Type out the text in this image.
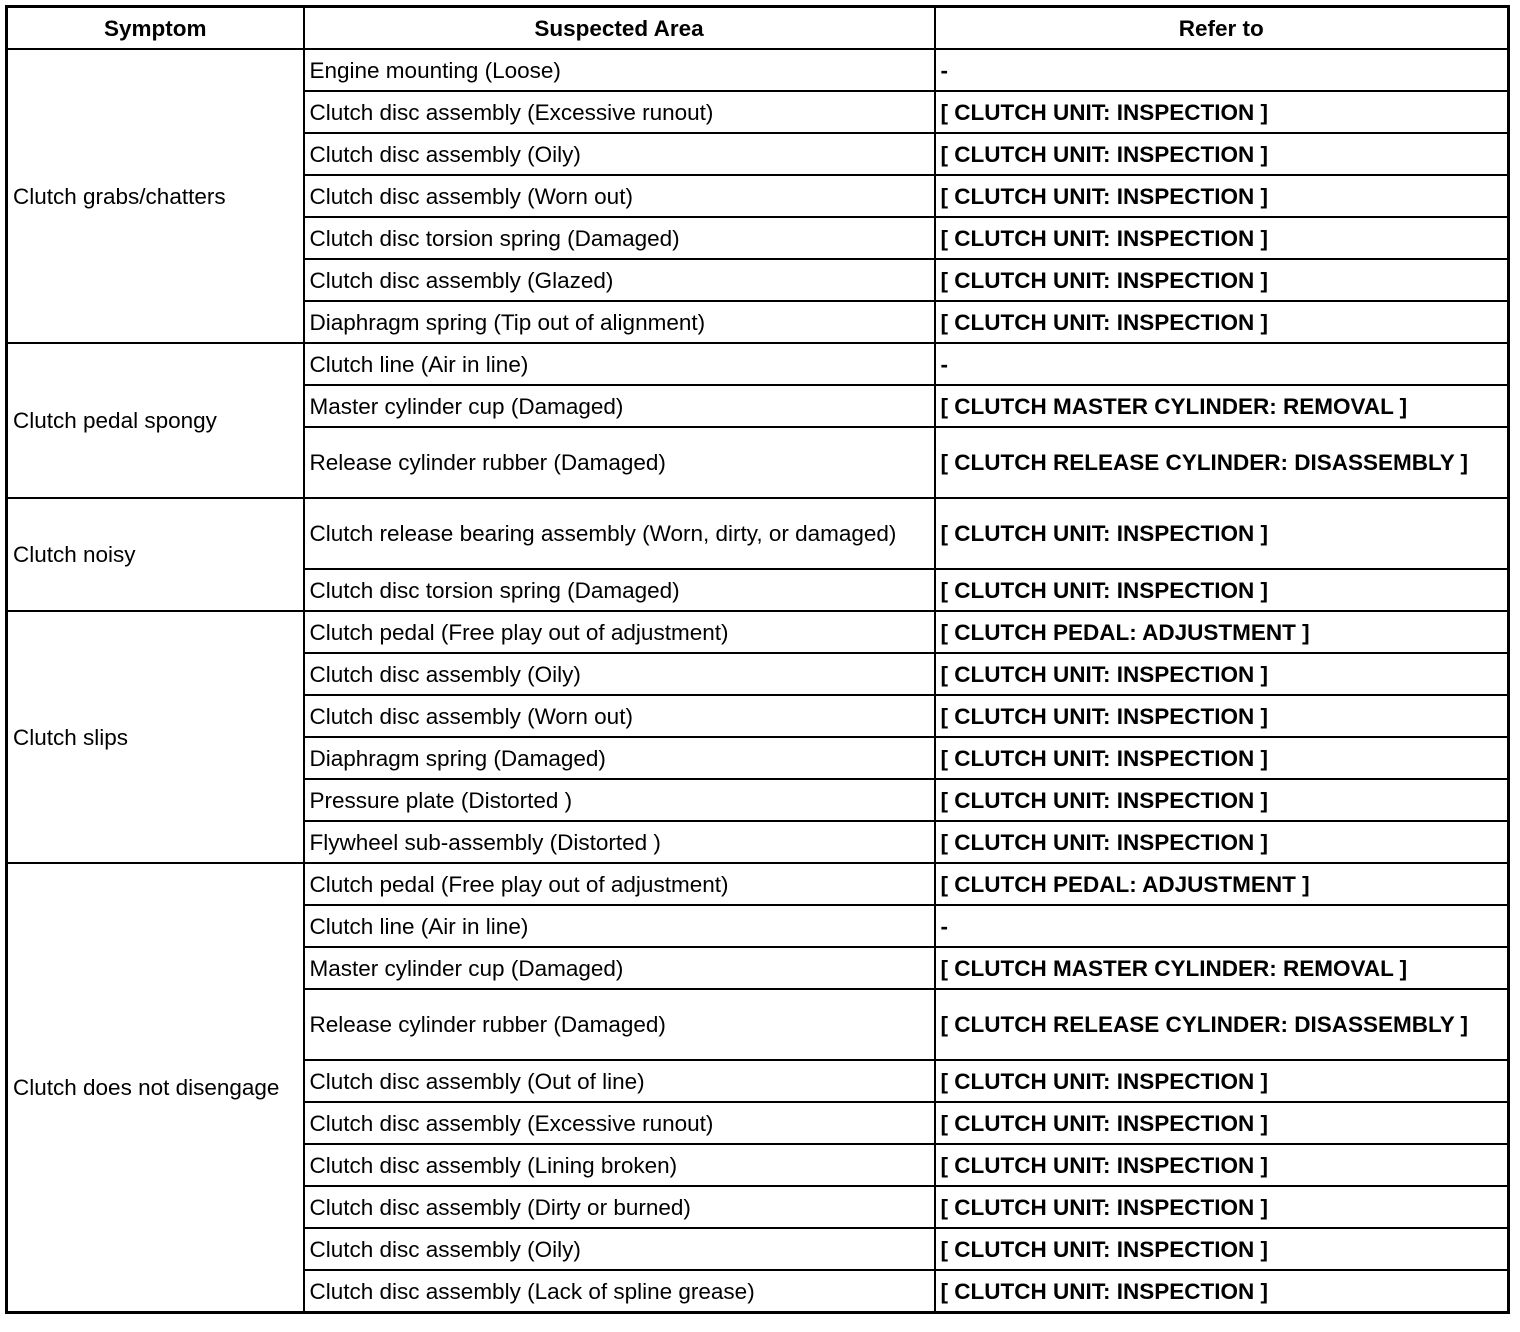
Symptom	Suspected Area	Refer to
Clutch grabs/chatters	Engine mounting (Loose)	-
	Clutch disc assembly (Excessive runout)	[ CLUTCH UNIT: INSPECTION ]
	Clutch disc assembly (Oily)	[ CLUTCH UNIT: INSPECTION ]
	Clutch disc assembly (Worn out)	[ CLUTCH UNIT: INSPECTION ]
	Clutch disc torsion spring (Damaged)	[ CLUTCH UNIT: INSPECTION ]
	Clutch disc assembly (Glazed)	[ CLUTCH UNIT: INSPECTION ]
	Diaphragm spring (Tip out of alignment)	[ CLUTCH UNIT: INSPECTION ]
Clutch pedal spongy	Clutch line (Air in line)	-
	Master cylinder cup (Damaged)	[ CLUTCH MASTER CYLINDER: REMOVAL ]
	Release cylinder rubber (Damaged)	[ CLUTCH RELEASE CYLINDER: DISASSEMBLY ]
Clutch noisy	Clutch release bearing assembly (Worn, dirty, or damaged)	[ CLUTCH UNIT: INSPECTION ]
	Clutch disc torsion spring (Damaged)	[ CLUTCH UNIT: INSPECTION ]
Clutch slips	Clutch pedal (Free play out of adjustment)	[ CLUTCH PEDAL: ADJUSTMENT ]
	Clutch disc assembly (Oily)	[ CLUTCH UNIT: INSPECTION ]
	Clutch disc assembly (Worn out)	[ CLUTCH UNIT: INSPECTION ]
	Diaphragm spring (Damaged)	[ CLUTCH UNIT: INSPECTION ]
	Pressure plate (Distorted )	[ CLUTCH UNIT: INSPECTION ]
	Flywheel sub-assembly (Distorted )	[ CLUTCH UNIT: INSPECTION ]
Clutch does not disengage	Clutch pedal (Free play out of adjustment)	[ CLUTCH PEDAL: ADJUSTMENT ]
	Clutch line (Air in line)	-
	Master cylinder cup (Damaged)	[ CLUTCH MASTER CYLINDER: REMOVAL ]
	Release cylinder rubber (Damaged)	[ CLUTCH RELEASE CYLINDER: DISASSEMBLY ]
	Clutch disc assembly (Out of line)	[ CLUTCH UNIT: INSPECTION ]
	Clutch disc assembly (Excessive runout)	[ CLUTCH UNIT: INSPECTION ]
	Clutch disc assembly (Lining broken)	[ CLUTCH UNIT: INSPECTION ]
	Clutch disc assembly (Dirty or burned)	[ CLUTCH UNIT: INSPECTION ]
	Clutch disc assembly (Oily)	[ CLUTCH UNIT: INSPECTION ]
	Clutch disc assembly (Lack of spline grease)	[ CLUTCH UNIT: INSPECTION ]
